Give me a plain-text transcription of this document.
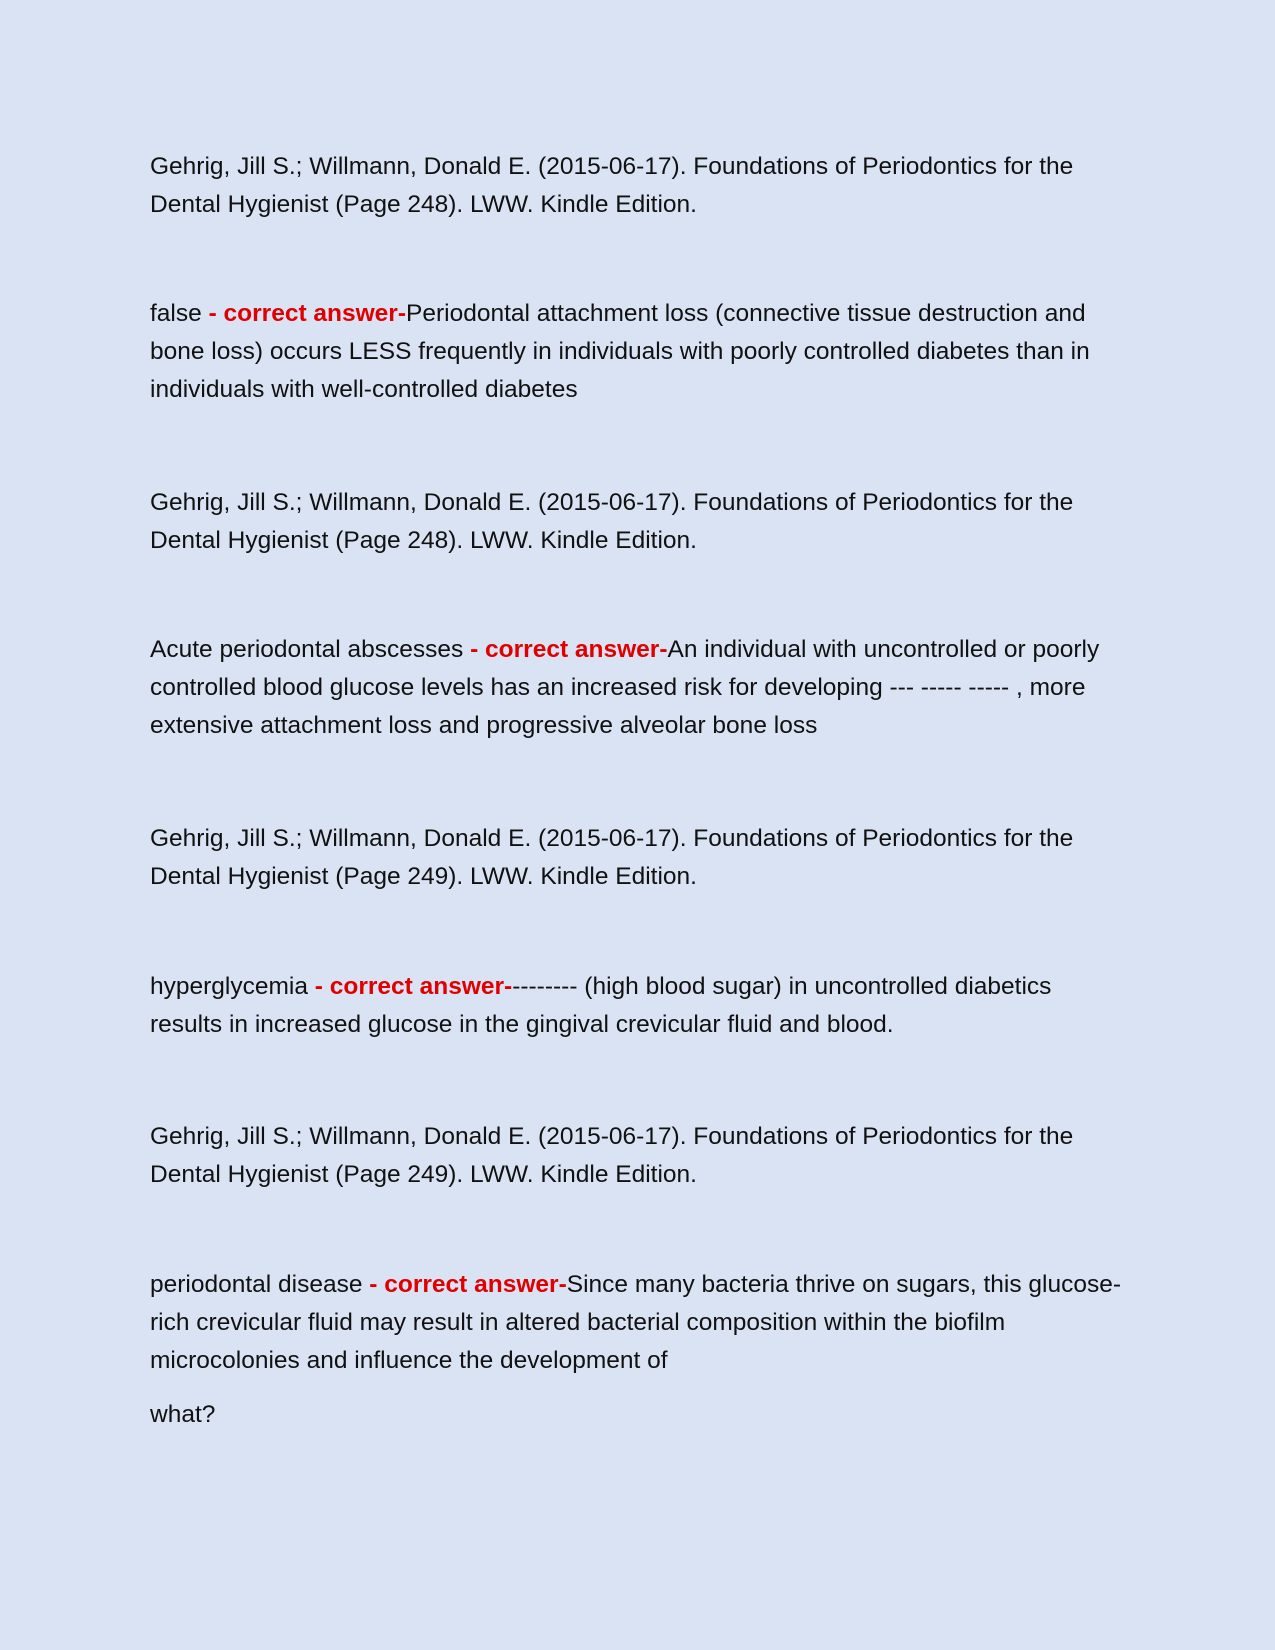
Gehrig, Jill S.; Willmann, Donald E. (2015-06-17). Foundations of Periodontics for the Dental Hygienist (Page 248). LWW. Kindle Edition.

false - correct answer-Periodontal attachment loss (connective tissue destruction and bone loss) occurs LESS frequently in individuals with poorly controlled diabetes than in individuals with well-controlled diabetes

Gehrig, Jill S.; Willmann, Donald E. (2015-06-17). Foundations of Periodontics for the Dental Hygienist (Page 248). LWW. Kindle Edition.

Acute periodontal abscesses - correct answer-An individual with uncontrolled or poorly controlled blood glucose levels has an increased risk for developing --- ----- ----- , more extensive attachment loss and progressive alveolar bone loss

Gehrig, Jill S.; Willmann, Donald E. (2015-06-17). Foundations of Periodontics for the Dental Hygienist (Page 249). LWW. Kindle Edition.

hyperglycemia - correct answer--------- (high blood sugar) in uncontrolled diabetics results in increased glucose in the gingival crevicular fluid and blood.

Gehrig, Jill S.; Willmann, Donald E. (2015-06-17). Foundations of Periodontics for the Dental Hygienist (Page 249). LWW. Kindle Edition.

periodontal disease - correct answer-Since many bacteria thrive on sugars, this glucose-rich crevicular fluid may result in altered bacterial composition within the biofilm microcolonies and influence the development of

what?
